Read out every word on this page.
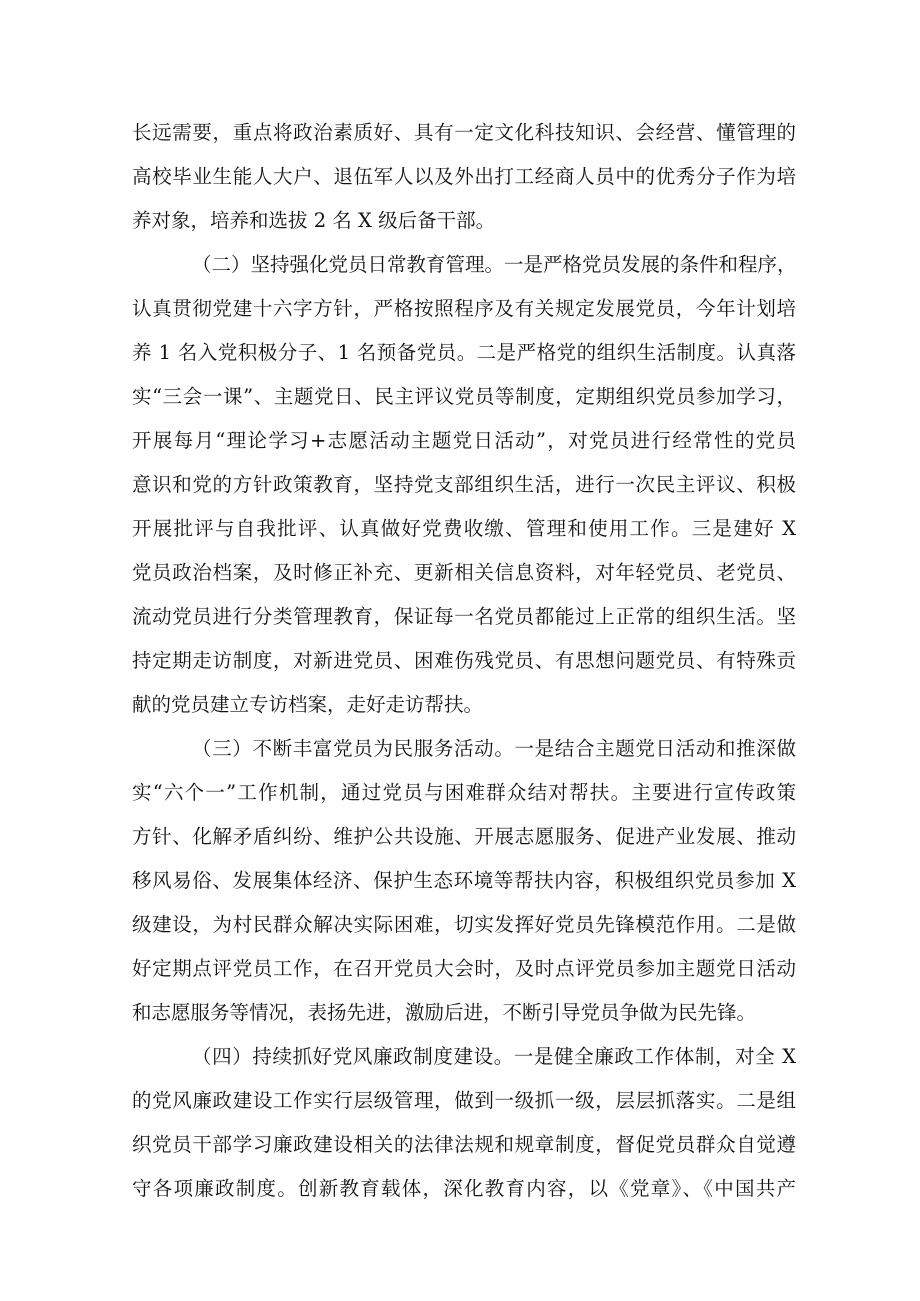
长远需要，重点将政治素质好、具有一定文化科技知识、会经营、懂管理的
高校毕业生能人大户、退伍军人以及外出打工经商人员中的优秀分子作为培
养对象，培养和选拔 2 名 X 级后备干部。
（二）坚持强化党员日常教育管理。一是严格党员发展的条件和程序，
认真贯彻党建十六字方针，严格按照程序及有关规定发展党员，今年计划培
养 1 名入党积极分子、1 名预备党员。二是严格党的组织生活制度。认真落
实“三会一课”、主题党日、民主评议党员等制度，定期组织党员参加学习，
开展每月“理论学习+志愿活动主题党日活动”，对党员进行经常性的党员
意识和党的方针政策教育，坚持党支部组织生活，进行一次民主评议、积极
开展批评与自我批评、认真做好党费收缴、管理和使用工作。三是建好 X
党员政治档案，及时修正补充、更新相关信息资料，对年轻党员、老党员、
流动党员进行分类管理教育，保证每一名党员都能过上正常的组织生活。坚
持定期走访制度，对新进党员、困难伤残党员、有思想问题党员、有特殊贡
献的党员建立专访档案，走好走访帮扶。
（三）不断丰富党员为民服务活动。一是结合主题党日活动和推深做
实“六个一”工作机制，通过党员与困难群众结对帮扶。主要进行宣传政策
方针、化解矛盾纠纷、维护公共设施、开展志愿服务、促进产业发展、推动
移风易俗、发展集体经济、保护生态环境等帮扶内容，积极组织党员参加 X
级建设，为村民群众解决实际困难，切实发挥好党员先锋模范作用。二是做
好定期点评党员工作，在召开党员大会时，及时点评党员参加主题党日活动
和志愿服务等情况，表扬先进，激励后进，不断引导党员争做为民先锋。
（四）持续抓好党风廉政制度建设。一是健全廉政工作体制，对全 X
的党风廉政建设工作实行层级管理，做到一级抓一级，层层抓落实。二是组
织党员干部学习廉政建设相关的法律法规和规章制度，督促党员群众自觉遵
守各项廉政制度。创新教育载体，深化教育内容，以《党章》、《中国共产
